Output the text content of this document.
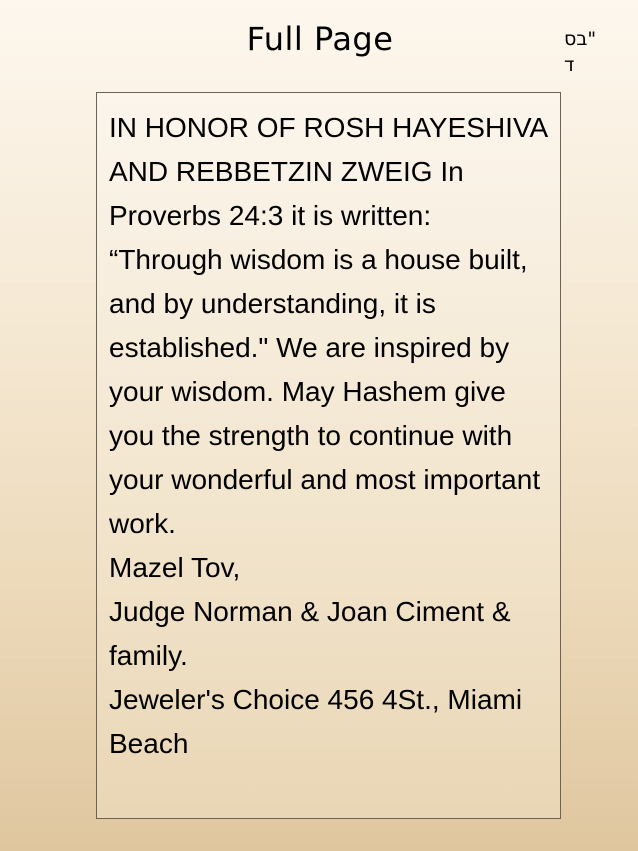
Full Page	בס"
ד

IN HONOR OF ROSH HAYESHIVA AND REBBETZIN ZWEIG In Proverbs 24:3 it is written: “Through wisdom is a house built, and by understanding, it is established." We are inspired by your wisdom. May Hashem give you the strength to continue with your wonderful and most important work.

Mazel Tov,

Judge Norman & Joan Ciment & family.

Jeweler's Choice 456 4St., Miami Beach
